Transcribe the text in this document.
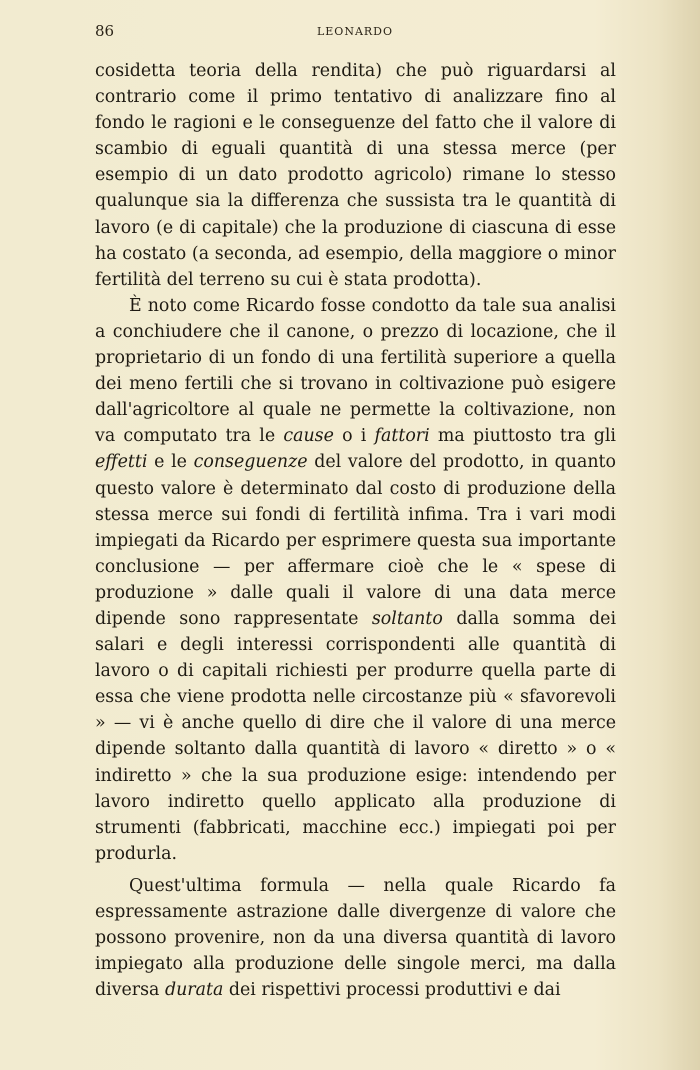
86	LEONARDO

cosidetta teoria della rendita) che può riguardarsi al contrario come il primo tentativo di analizzare fino al fondo le ragioni e le conseguenze del fatto che il valore di scambio di eguali quantità di una stessa merce (per esempio di un dato prodotto agricolo) rimane lo stesso qualunque sia la differenza che sussista tra le quantità di lavoro (e di capitale) che la produzione di ciascuna di esse ha costato (a seconda, ad esempio, della maggiore o minor fertilità del terreno su cui è stata prodotta).

È noto come Ricardo fosse condotto da tale sua analisi a conchiudere che il canone, o prezzo di locazione, che il proprietario di un fondo di una fertilità superiore a quella dei meno fertili che si trovano in coltivazione può esigere dall'agricoltore al quale ne permette la coltivazione, non va computato tra le cause o i fattori ma piuttosto tra gli effetti e le conseguenze del valore del prodotto, in quanto questo valore è determinato dal costo di produzione della stessa merce sui fondi di fertilità infima. Tra i vari modi impiegati da Ricardo per esprimere questa sua importante conclusione — per affermare cioè che le « spese di produzione » dalle quali il valore di una data merce dipende sono rappresentate soltanto dalla somma dei salari e degli interessi corrispondenti alle quantità di lavoro o di capitali richiesti per produrre quella parte di essa che viene prodotta nelle circostanze più « sfavorevoli » — vi è anche quello di dire che il valore di una merce dipende soltanto dalla quantità di lavoro « diretto » o « indiretto » che la sua produzione esige: intendendo per lavoro indiretto quello applicato alla produzione di strumenti (fabbricati, macchine ecc.) impiegati poi per produrla.

Quest'ultima formula — nella quale Ricardo fa espressamente astrazione dalle divergenze di valore che possono provenire, non da una diversa quantità di lavoro impiegato alla produzione delle singole merci, ma dalla diversa durata dei rispettivi processi produttivi e dai
